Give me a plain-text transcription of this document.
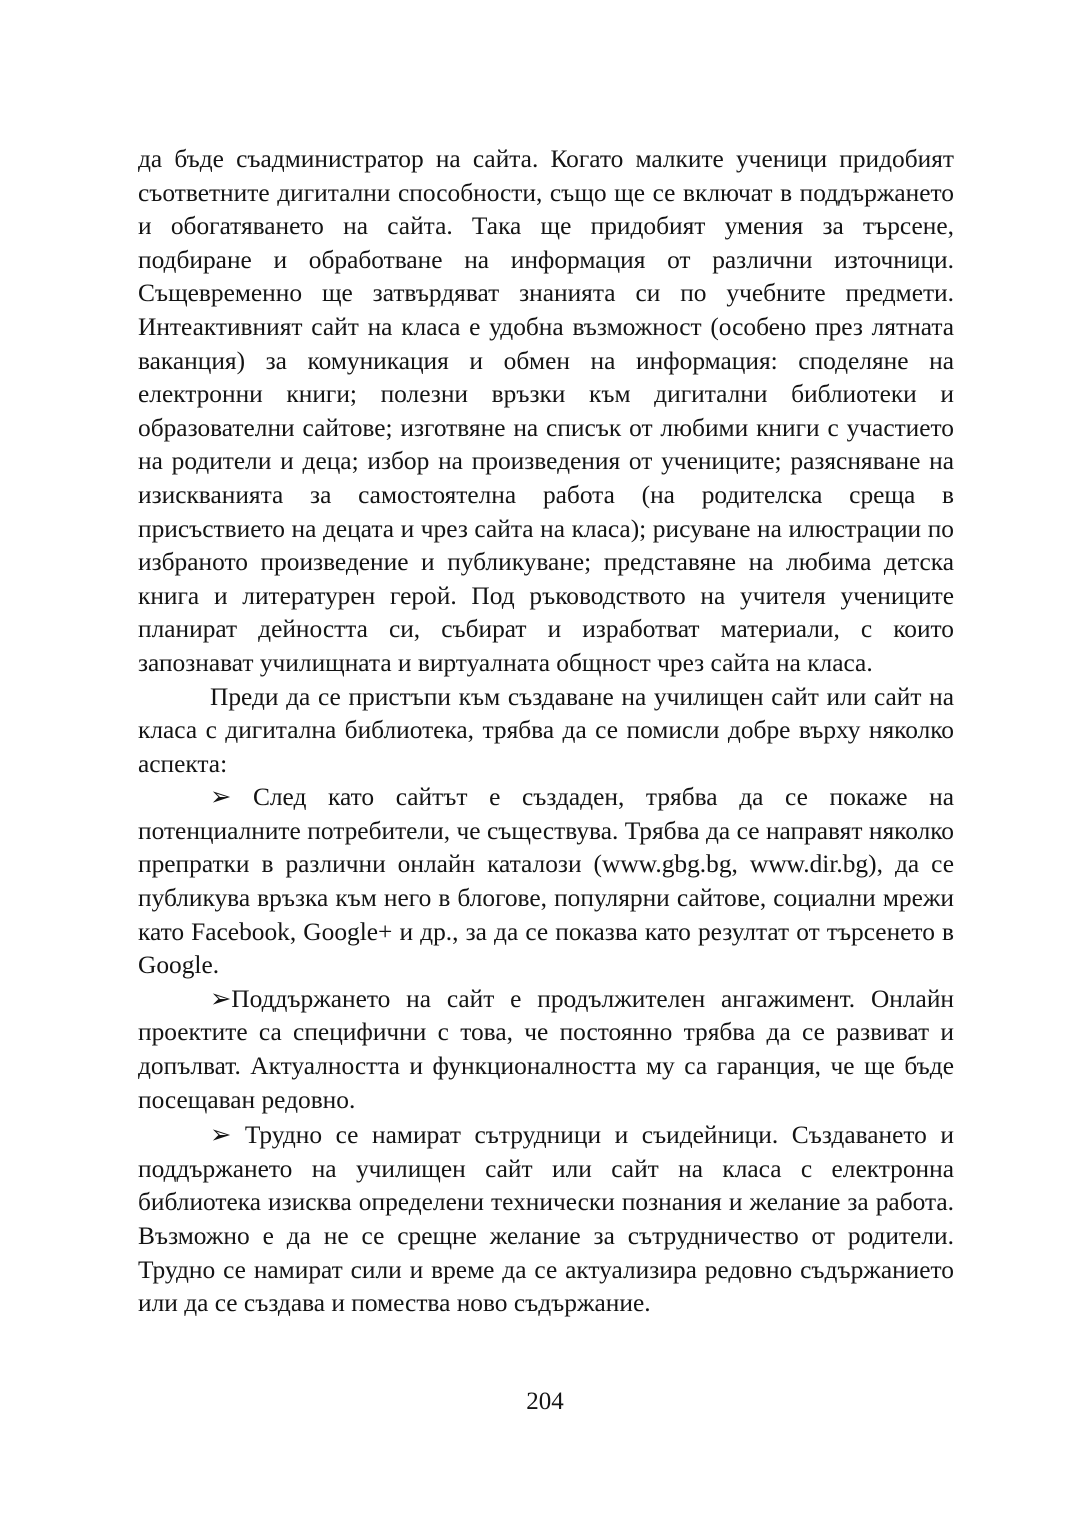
да бъде съадминистратор на сайта. Когато малките ученици придобият съответните дигитални способности, също ще се включат в поддържането и обогатяването на сайта. Така ще придобият умения за търсене, подбиране и обработване на информация от различни източници. Същевременно ще затвърдяват знанията си по учебните предмети. Интеактивният сайт на класа е удобна възможност (особено през лятната ваканция) за комуникация и обмен на информация: споделяне на електронни книги; полезни връзки към дигитални библиотеки и образователни сайтове; изготвяне на списък от любими книги с участието на родители и деца; избор на произведения от учениците; разясняване на изискванията за самостоятелна работа (на родителска среща в присъствието на децата и чрез сайта на класа); рисуване на илюстрации по избраното произведение и публикуване; представяне на любима детска книга и литературен герой. Под ръководството на учителя учениците планират дейността си, събират и изработват материали, с които запознават училищната и виртуалната общност чрез сайта на класа.

Преди да се пристъпи към създаване на училищен сайт или сайт на класа с дигитална библиотека, трябва да се помисли добре върху няколко аспекта:

➢ След като сайтът е създаден, трябва да се покаже на потенциалните потребители, че съществува. Трябва да се направят няколко препратки в различни онлайн каталози (www.gbg.bg, www.dir.bg), да се публикува връзка към него в блогове, популярни сайтове, социални мрежи като Facebook, Google+ и др., за да се показва като резултат от търсенето в Google.

➢Поддържането на сайт е продължителен ангажимент. Онлайн проектите са специфични с това, че постоянно трябва да се развиват и допълват. Актуалността и функционалността му са гаранция, че ще бъде посещаван редовно.

➢ Трудно се намират сътрудници и съидейници. Създаването и поддържането на училищен сайт или сайт на класа с електронна библиотека изисква определени технически познания и желание за работа. Възможно е да не се срещне желание за сътрудничество от родители. Трудно се намират сили и време да се актуализира редовно съдържанието или да се създава и помества ново съдържание.

204
